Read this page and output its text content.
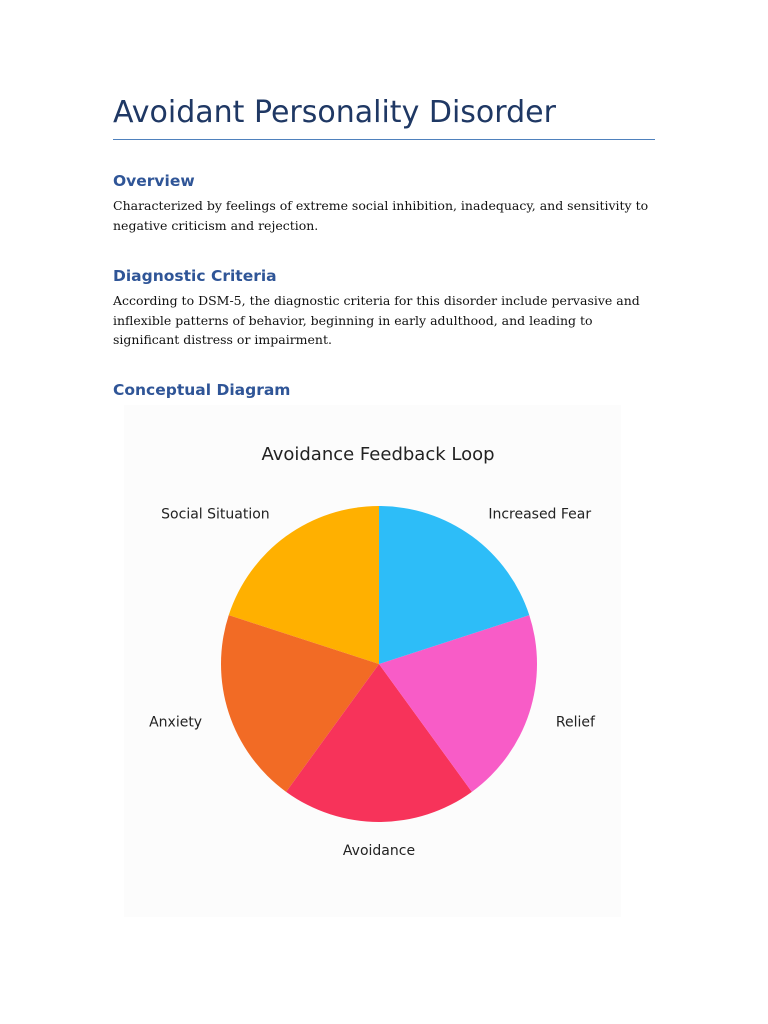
Avoidant Personality Disorder
Overview
Characterized by feelings of extreme social inhibition, inadequacy, and sensitivity to negative criticism and rejection.
Diagnostic Criteria
According to DSM-5, the diagnostic criteria for this disorder include pervasive and inflexible patterns of behavior, beginning in early adulthood, and leading to significant distress or impairment.
Conceptual Diagram
Avoidance Feedback Loop
Social Situation
Anxiety
Avoidance
Relief
Increased Fear
